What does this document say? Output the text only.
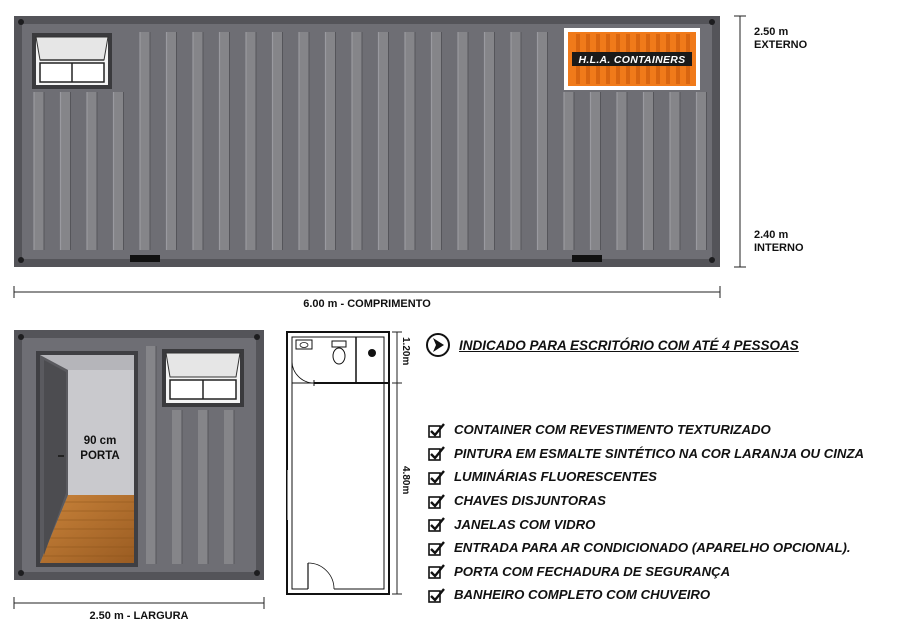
2.50 m
EXTERNO
2.40 m
INTERNO
6.00 m - COMPRIMENTO
H.L.A. CONTAINERS
90 cm
PORTA
2.50 m - LARGURA
1.20m
4.80m
INDICADO PARA ESCRITÓRIO COM ATÉ 4 PESSOAS
CONTAINER COM REVESTIMENTO TEXTURIZADO
PINTURA EM ESMALTE SINTÉTICO NA COR LARANJA OU CINZA
LUMINÁRIAS FLUORESCENTES
CHAVES DISJUNTORAS
JANELAS COM VIDRO
ENTRADA PARA AR CONDICIONADO (APARELHO OPCIONAL).
PORTA COM FECHADURA DE SEGURANÇA
BANHEIRO COMPLETO COM CHUVEIRO
